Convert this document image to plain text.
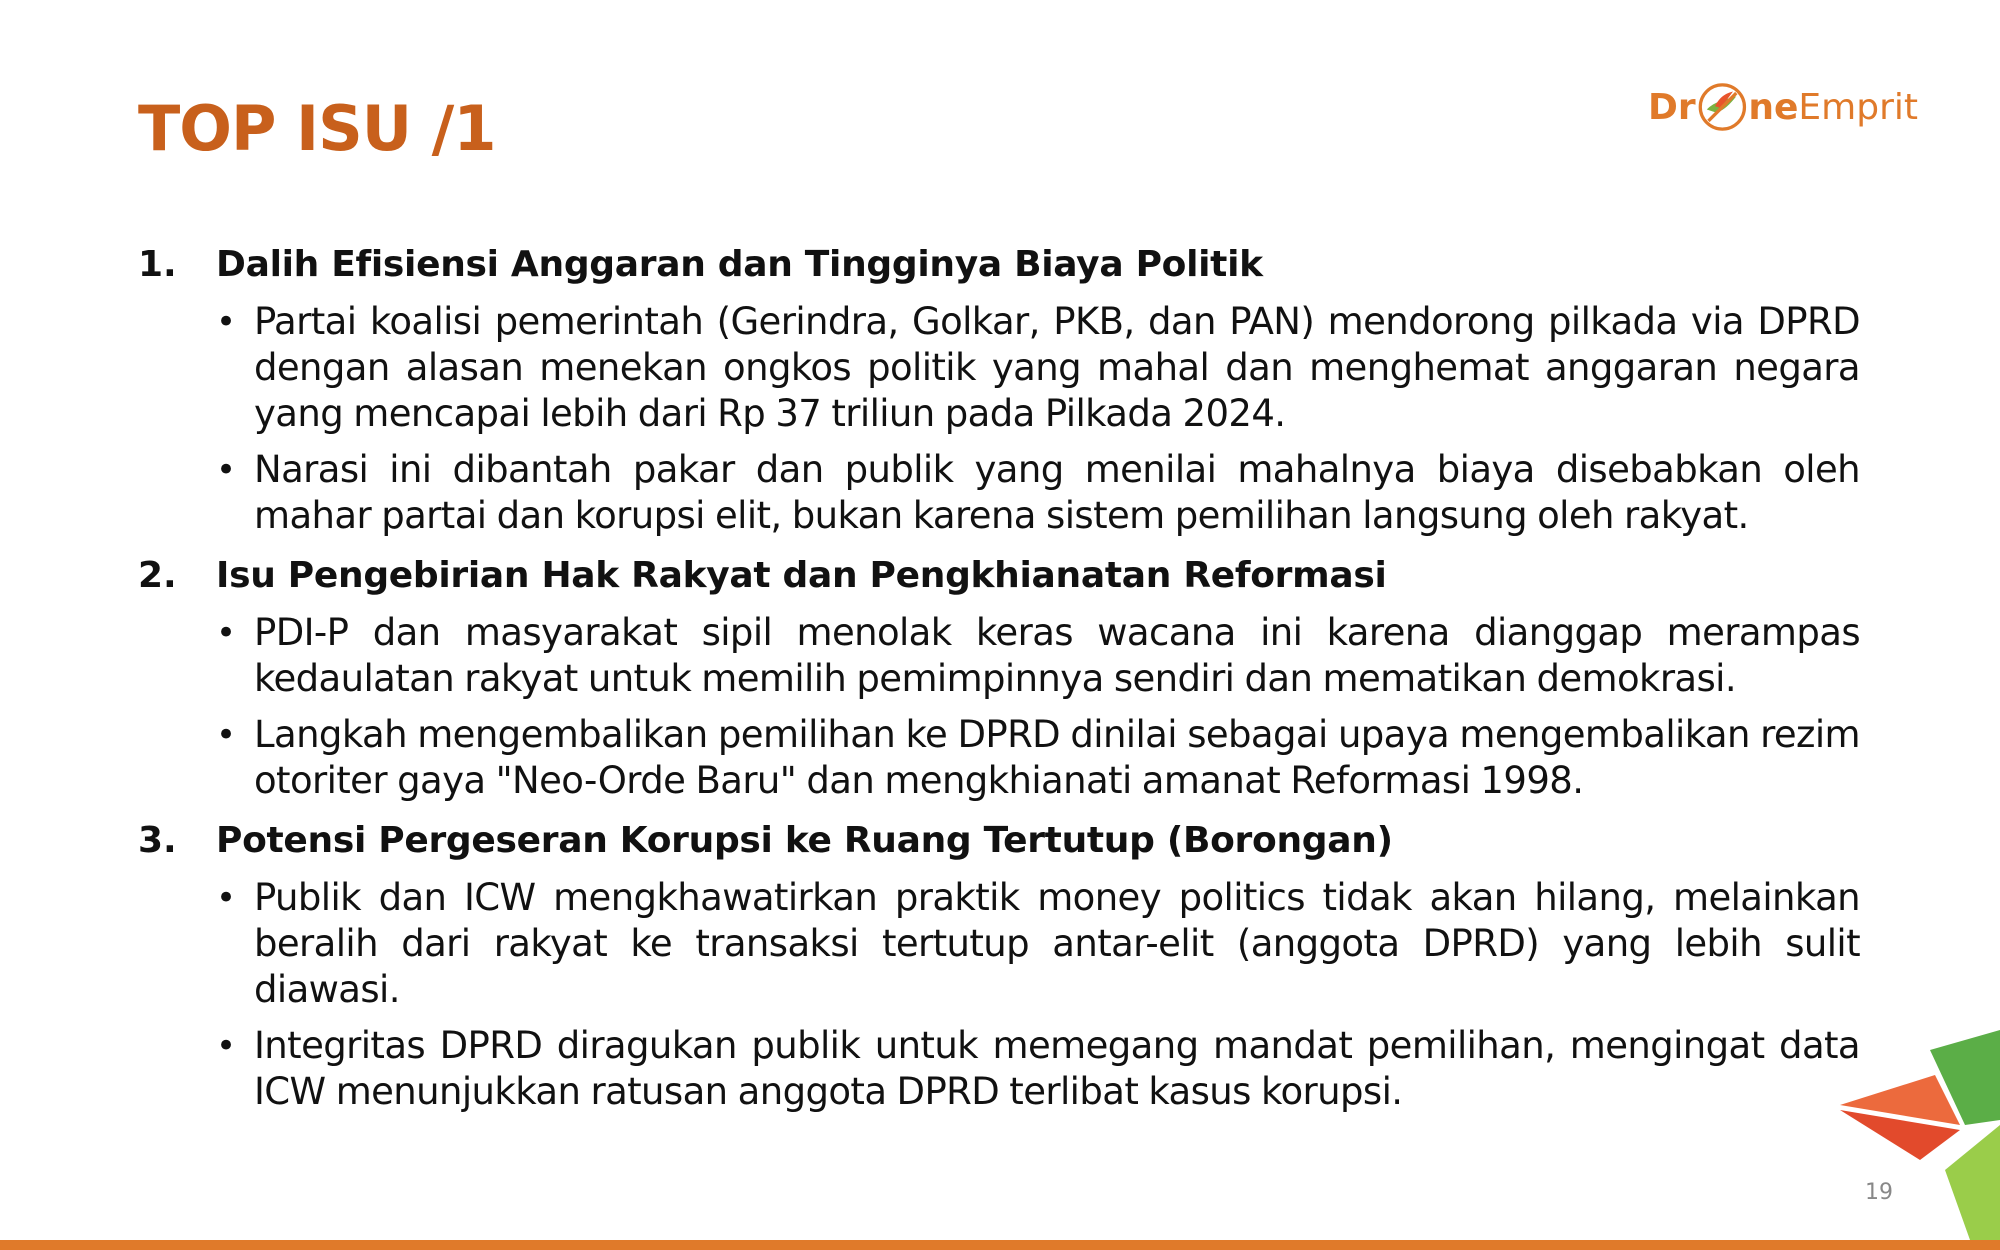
TOP ISU /1	Dr ne Emprit
1.	Dalih Efisiensi Anggaran dan Tingginya Biaya Politik
• Partai koalisi pemerintah (Gerindra, Golkar, PKB, dan PAN) mendorong pilkada via DPRD dengan alasan menekan ongkos politik yang mahal dan menghemat anggaran negara yang mencapai lebih dari Rp 37 triliun pada Pilkada 2024.
• Narasi ini dibantah pakar dan publik yang menilai mahalnya biaya disebabkan oleh mahar partai dan korupsi elit, bukan karena sistem pemilihan langsung oleh rakyat.
2.	Isu Pengebirian Hak Rakyat dan Pengkhianatan Reformasi
• PDI-P dan masyarakat sipil menolak keras wacana ini karena dianggap merampas kedaulatan rakyat untuk memilih pemimpinnya sendiri dan mematikan demokrasi.
• Langkah mengembalikan pemilihan ke DPRD dinilai sebagai upaya mengembalikan rezim otoriter gaya "Neo-Orde Baru" dan mengkhianati amanat Reformasi 1998.
3.	Potensi Pergeseran Korupsi ke Ruang Tertutup (Borongan)
• Publik dan ICW mengkhawatirkan praktik money politics tidak akan hilang, melainkan beralih dari rakyat ke transaksi tertutup antar-elit (anggota DPRD) yang lebih sulit diawasi.
• Integritas DPRD diragukan publik untuk memegang mandat pemilihan, mengingat data ICW menunjukkan ratusan anggota DPRD terlibat kasus korupsi.
19
